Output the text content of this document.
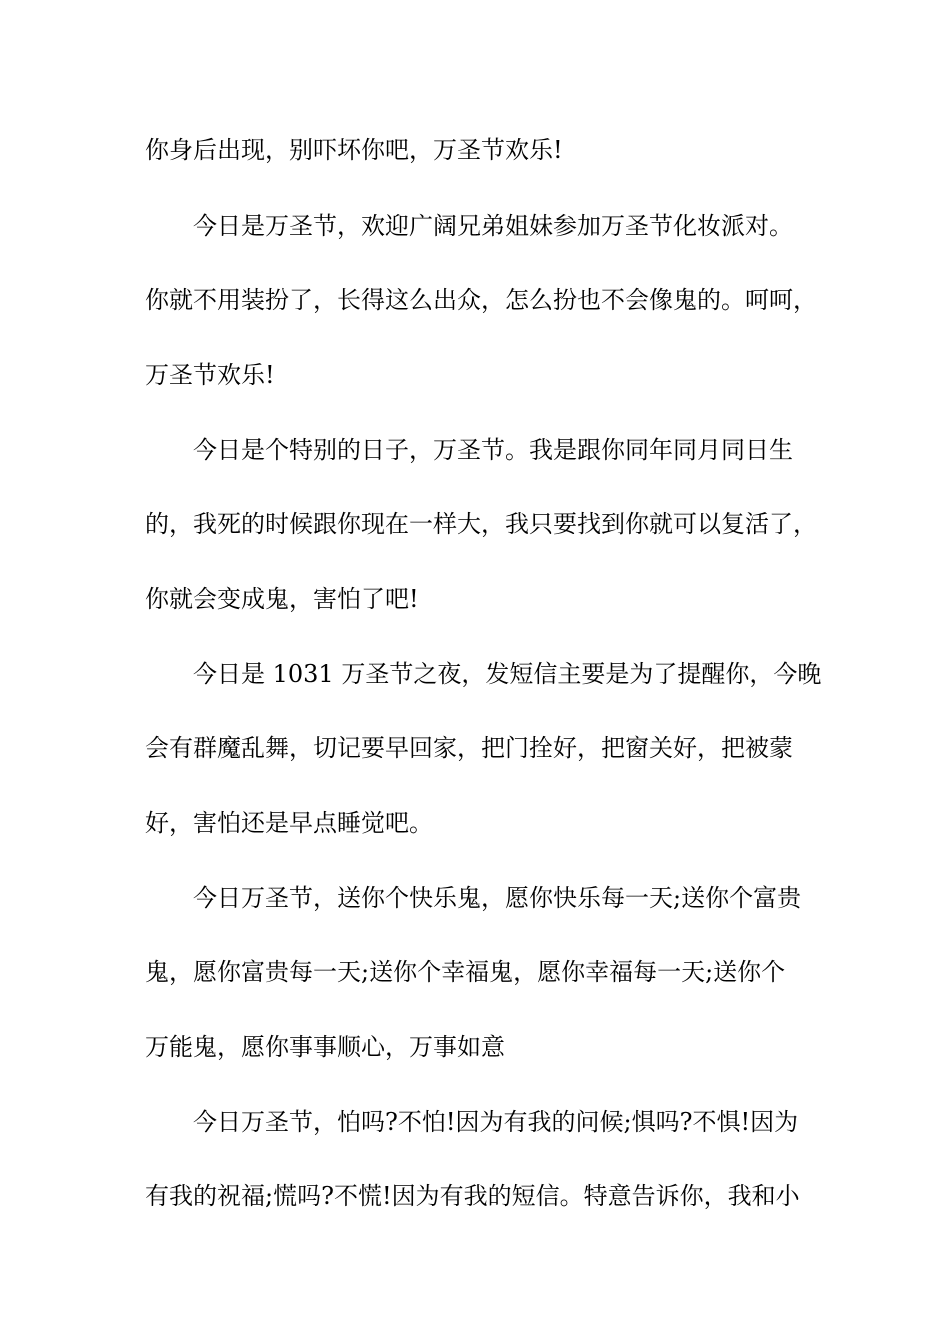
你身后出现，别吓坏你吧，万圣节欢乐!
今日是万圣节，欢迎广阔兄弟姐妹参加万圣节化妆派对。
你就不用装扮了，长得这么出众，怎么扮也不会像鬼的。呵呵，
万圣节欢乐!
今日是个特别的日子，万圣节。我是跟你同年同月同日生
的，我死的时候跟你现在一样大，我只要找到你就可以复活了，
你就会变成鬼，害怕了吧!
今日是 1031 万圣节之夜，发短信主要是为了提醒你，今晚
会有群魔乱舞，切记要早回家，把门拴好，把窗关好，把被蒙
好，害怕还是早点睡觉吧。
今日万圣节，送你个快乐鬼，愿你快乐每一天;送你个富贵
鬼，愿你富贵每一天;送你个幸福鬼，愿你幸福每一天;送你个
万能鬼，愿你事事顺心，万事如意
今日万圣节，怕吗?不怕!因为有我的问候;惧吗?不惧!因为
有我的祝福;慌吗?不慌!因为有我的短信。特意告诉你，我和小
